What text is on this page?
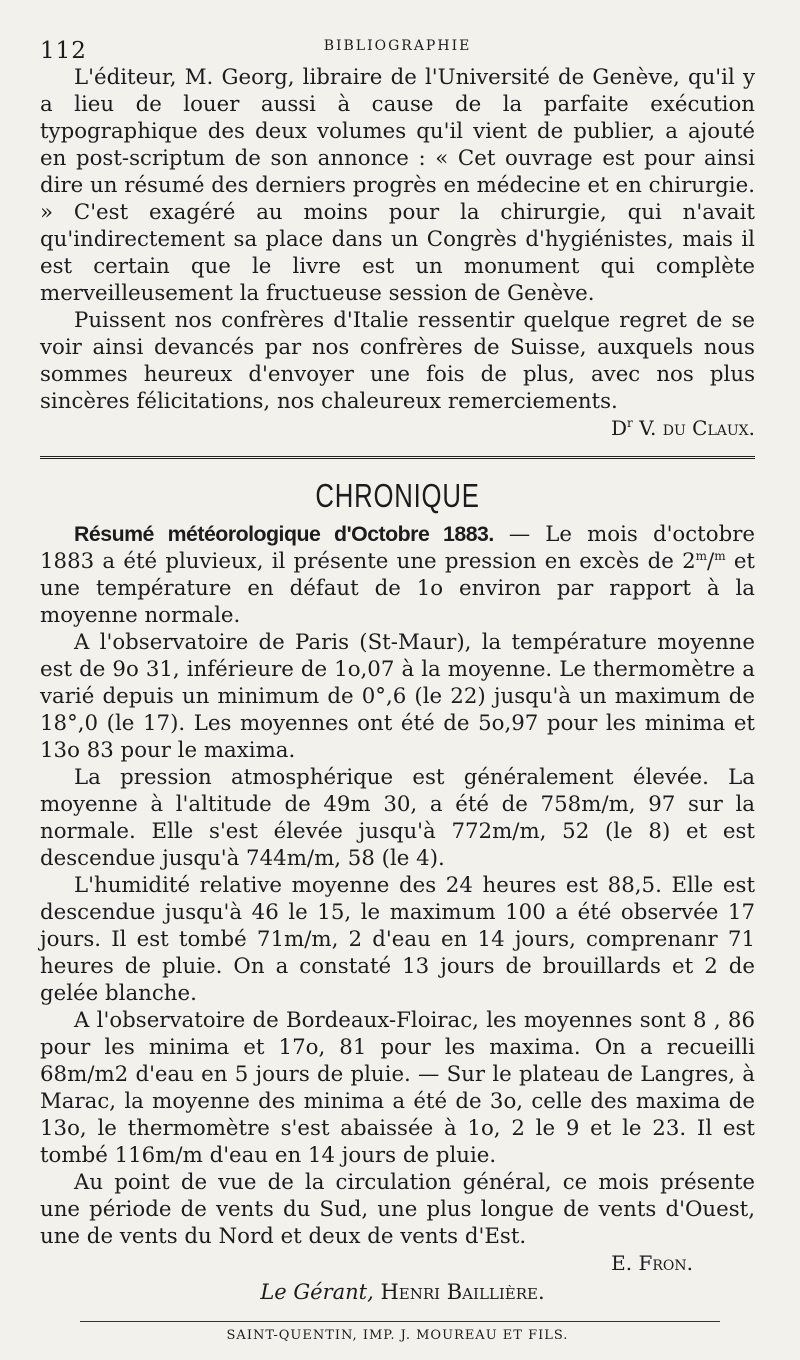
112	BIBLIOGRAPHIE

L'éditeur, M. Georg, libraire de l'Université de Genève, qu'il y a lieu de louer aussi à cause de la parfaite exécution typographique des deux volumes qu'il vient de publier, a ajouté en post-scriptum de son annonce : « Cet ouvrage est pour ainsi dire un résumé des derniers progrès en médecine et en chirurgie. » C'est exagéré au moins pour la chirurgie, qui n'avait qu'indirectement sa place dans un Congrès d'hygiénistes, mais il est certain que le livre est un monument qui complète merveilleusement la fructueuse session de Genève.

Puissent nos confrères d'Italie ressentir quelque regret de se voir ainsi devancés par nos confrères de Suisse, auxquels nous sommes heureux d'envoyer une fois de plus, avec nos plus sincères félicitations, nos chaleureux remerciements.

$D^r$ V. du Claux.
CHRONIQUE

Résumé météorologique d'Octobre 1883. — Le mois d'octobre 1883 a été pluvieux, il présente une pression en excès de 2$^m$/$^m$ et une température en défaut de 1o environ par rapport à la moyenne normale.

A l'observatoire de Paris (St-Maur), la température moyenne est de 9o 31, inférieure de 1o,07 à la moyenne. Le thermomètre a varié depuis un minimum de 0°,6 (le 22) jusqu'à un maximum de 18°,0 (le 17). Les moyennes ont été de 5o,97 pour les minima et 13o 83 pour le maxima.

La pression atmosphérique est généralement élevée. La moyenne à l'altitude de 49m 30, a été de 758m/m, 97 sur la normale. Elle s'est élevée jusqu'à 772m/m, 52 (le 8) et est descendue jusqu'à 744m/m, 58 (le 4).

L'humidité relative moyenne des 24 heures est 88,5. Elle est descendue jusqu'à 46 le 15, le maximum 100 a été observée 17 jours. Il est tombé 71m/m, 2 d'eau en 14 jours, comprenanr 71 heures de pluie. On a constaté 13 jours de brouillards et 2 de gelée blanche.

A l'observatoire de Bordeaux-Floirac, les moyennes sont 8 , 86 pour les minima et 17o, 81 pour les maxima. On a recueilli 68m/m2 d'eau en 5 jours de pluie. — Sur le plateau de Langres, à Marac, la moyenne des minima a été de 3o, celle des maxima de 13o, le thermomètre s'est abaissée à 1o, 2 le 9 et le 23. Il est tombé 116m/m d'eau en 14 jours de pluie.

Au point de vue de la circulation général, ce mois présente une période de vents du Sud, une plus longue de vents d'Ouest, une de vents du Nord et deux de vents d'Est.

E. Fron.
Le Gérant, Henri Baillière.
SAINT-QUENTIN, IMP. J. MOUREAU ET FILS.
